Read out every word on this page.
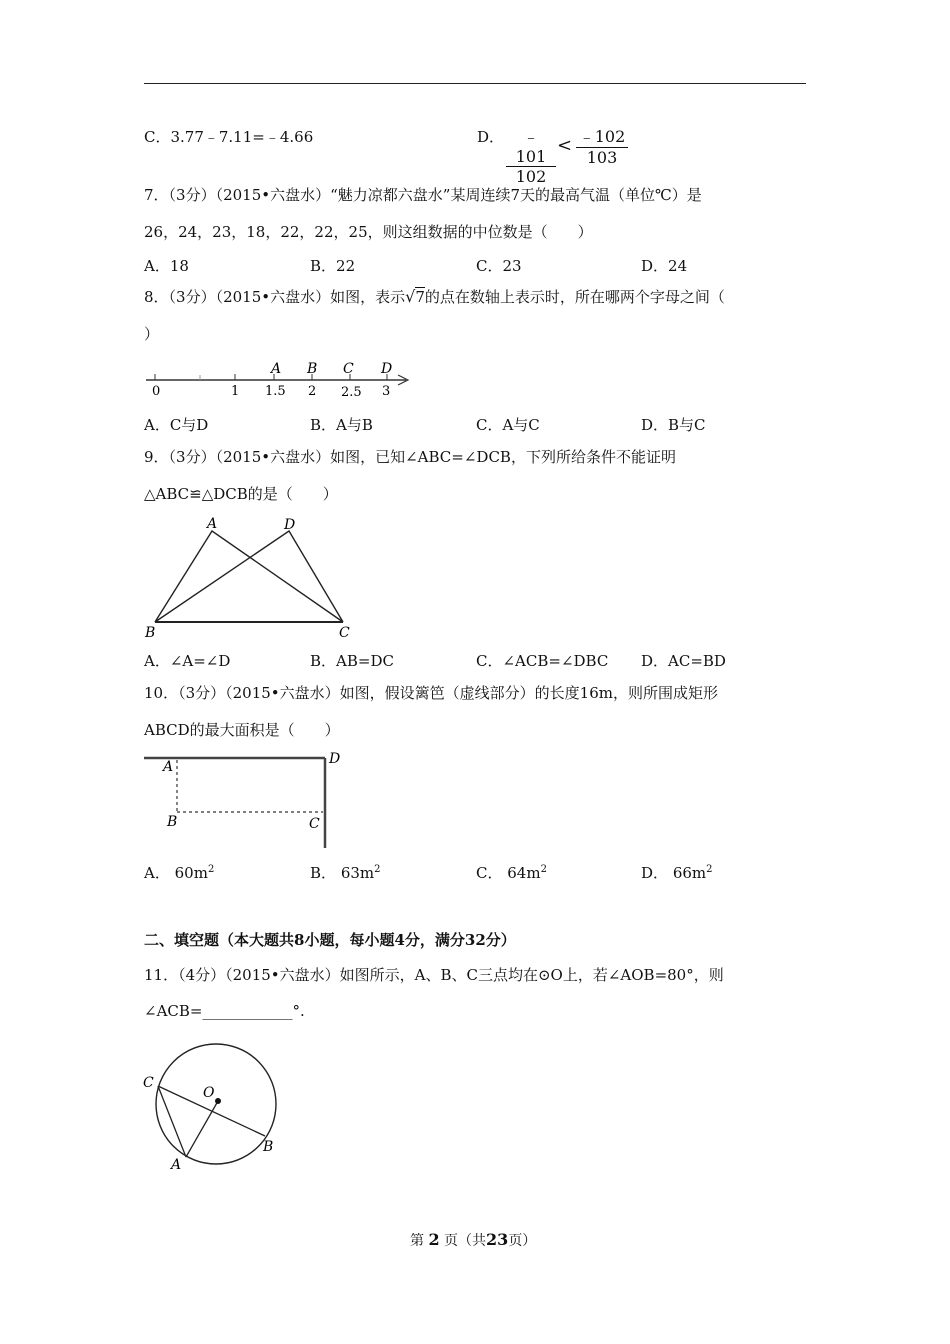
C．3.77﹣7.11=﹣4.66	D． $\frac{﹣101}{102} < \frac{﹣102}{103}$
7．（3分）（2015•六盘水）“魅力凉都六盘水”某周连续7天的最高气温（单位℃）是
26，24，23，18，22，22，25，则这组数据的中位数是（　　）
A．18	B．22	C．23	D．24
8．（3分）（2015•六盘水）如图，表示√7的点在数轴上表示时，所在哪两个字母之间（
）
A B C D
0	1 1.5 2 2.5 3
A．C与D	B．A与B	C．A与C	D．B与C
9．（3分）（2015•六盘水）如图，已知∠ABC=∠DCB，下列所给条件不能证明
△ABC≌△DCB的是（　　）
A	D
B	C
A．∠A=∠D	B．AB=DC	C．∠ACB=∠DBC D．AC=BD
10．（3分）（2015•六盘水）如图，假设篱笆（虚线部分）的长度16m，则所围成矩形
ABCD的最大面积是（　　）
A	D
B	C
A． $60m^2$	B． $63m^2$	C． $64m^2$	D． $66m^2$
二、填空题（本大题共8小题，每小题4分，满分32分）
11．（4分）（2015•六盘水）如图所示，A、B、C三点均在⊙O上，若∠AOB=80°，则
∠ACB=____________°.
C
O
A
B
第 2 页（共23页）
